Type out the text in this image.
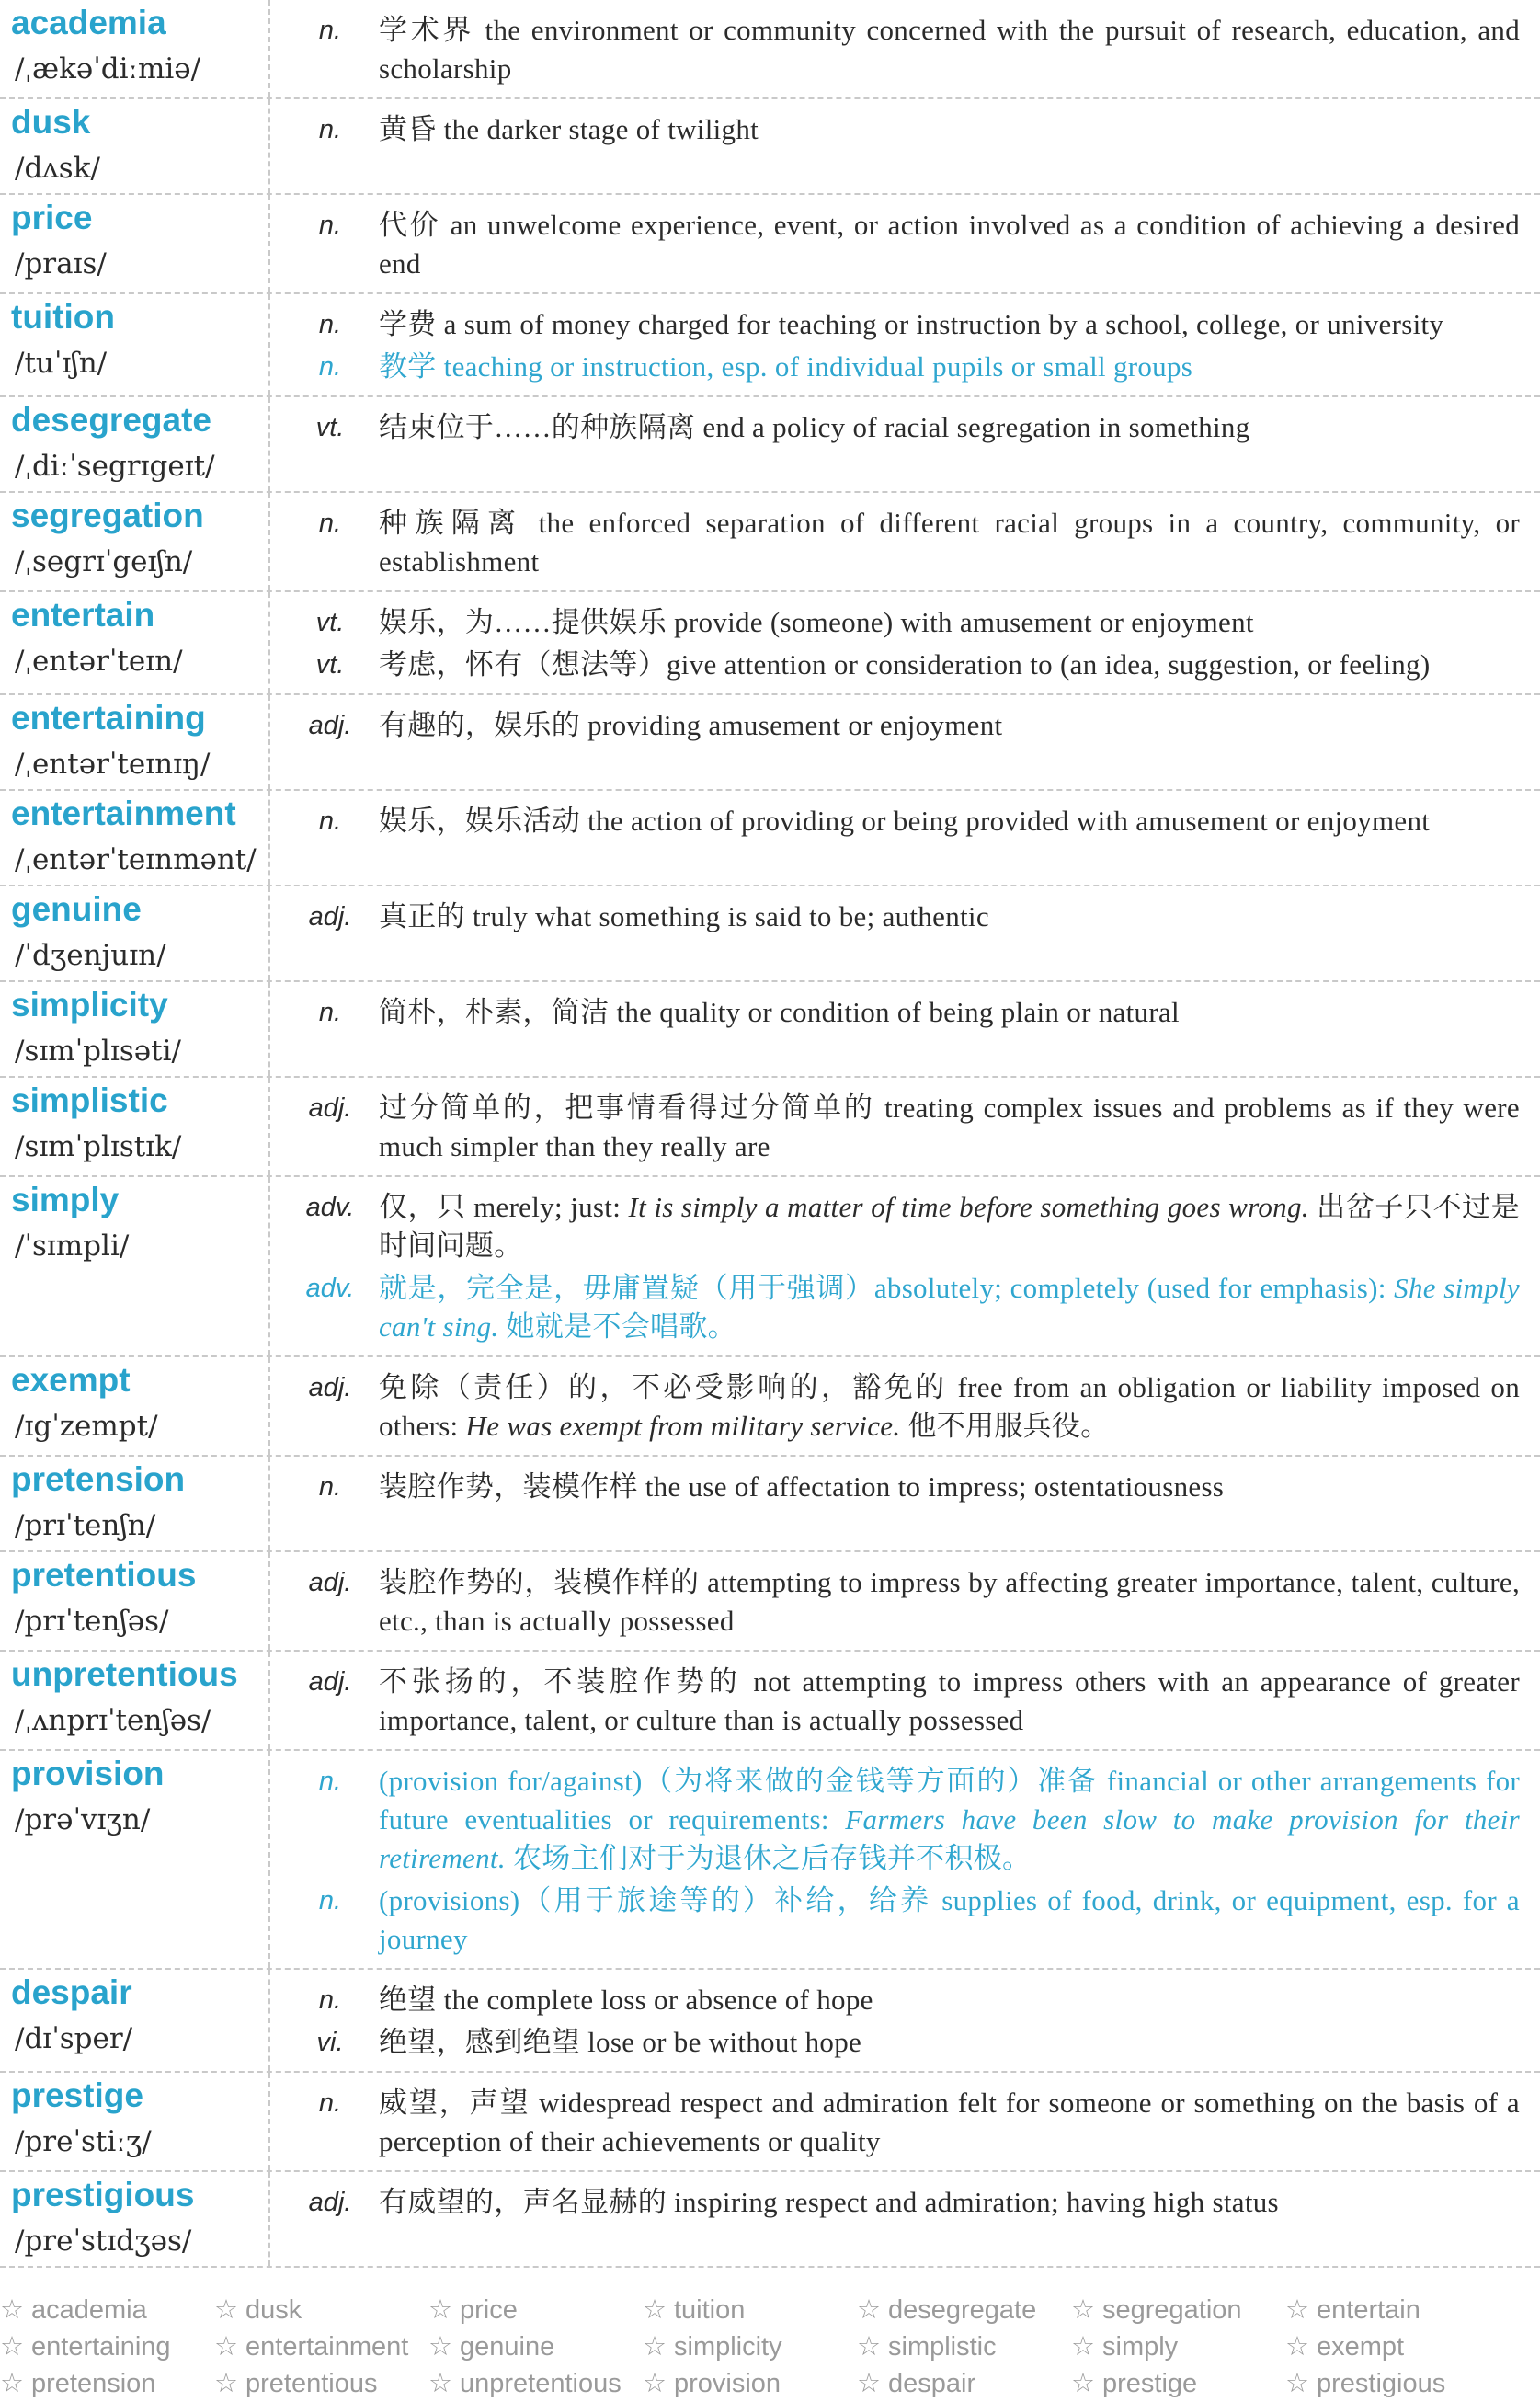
academia
/ˌækəˈdiːmiə/
n.	学术界 the environment or community concerned with the pursuit of research, education, and scholarship
dusk
/dʌsk/
n.	黄昏 the darker stage of twilight
price
/praɪs/
n.	代价 an unwelcome experience, event, or action involved as a condition of achieving a desired end
tuition
/tuˈɪʃn/
n.	学费 a sum of money charged for teaching or instruction by a school, college, or university
n.	教学 teaching or instruction, esp. of individual pupils or small groups
desegregate
/ˌdiːˈsegrɪgeɪt/
vt.	结束位于……的种族隔离 end a policy of racial segregation in something
segregation
/ˌsegrɪˈgeɪʃn/
n.	种族隔离 the enforced separation of different racial groups in a country, community, or establishment
entertain
/ˌentərˈteɪn/
vt.	娱乐，为……提供娱乐 provide (someone) with amusement or enjoyment
vt.	考虑，怀有（想法等）give attention or consideration to (an idea, suggestion, or feeling)
entertaining
/ˌentərˈteɪnɪŋ/
adj. 有趣的，娱乐的 providing amusement or enjoyment
entertainment
/ˌentərˈteɪnmənt/
n.	娱乐，娱乐活动 the action of providing or being provided with amusement or enjoyment
genuine
/ˈdʒenjuɪn/
adj. 真正的 truly what something is said to be; authentic
simplicity
/sɪmˈplɪsəti/
n.	简朴，朴素，简洁 the quality or condition of being plain or natural
simplistic
/sɪmˈplɪstɪk/
adj. 过分简单的，把事情看得过分简单的 treating complex issues and problems as if they were much simpler than they really are
simply
/ˈsɪmpli/
adv. 仅，只 merely; just: It is simply a matter of time before something goes wrong. 出岔子只不过是时间问题。
adv. 就是，完全是，毋庸置疑（用于强调）absolutely; completely (used for emphasis): She simply can't sing. 她就是不会唱歌。
exempt
/ɪgˈzempt/
adj. 免除（责任）的，不必受影响的，豁免的 free from an obligation or liability imposed on others: He was exempt from military service. 他不用服兵役。
pretension
/prɪˈtenʃn/
n.	装腔作势，装模作样 the use of affectation to impress; ostentatiousness
pretentious
/prɪˈtenʃəs/
adj. 装腔作势的，装模作样的 attempting to impress by affecting greater importance, talent, culture, etc., than is actually possessed
unpretentious
/ˌʌnprɪˈtenʃəs/
adj. 不张扬的，不装腔作势的 not attempting to impress others with an appearance of greater importance, talent, or culture than is actually possessed
provision
/prəˈvɪʒn/
n.	(provision for/against)（为将来做的金钱等方面的）准备 financial or other arrangements for future eventualities or requirements: Farmers have been slow to make provision for their retirement. 农场主们对于为退休之后存钱并不积极。
n.	(provisions)（用于旅途等的）补给，给养 supplies of food, drink, or equipment, esp. for a journey
despair
/dɪˈsper/
n.	绝望 the complete loss or absence of hope
vi.	绝望，感到绝望 lose or be without hope
prestige
/preˈstiːʒ/
n.	威望，声望 widespread respect and admiration felt for someone or something on the basis of a perception of their achievements or quality
prestigious
/preˈstɪdʒəs/
adj. 有威望的，声名显赫的 inspiring respect and admiration; having high status
☆ academia	☆ dusk	☆ price	☆ tuition	☆ desegregate	☆ segregation	☆ entertain
☆ entertaining	☆ entertainment ☆ genuine	☆ simplicity	☆ simplistic	☆ simply	☆ exempt
☆ pretension	☆ pretentious	☆ unpretentious ☆ provision	☆ despair	☆ prestige	☆ prestigious
